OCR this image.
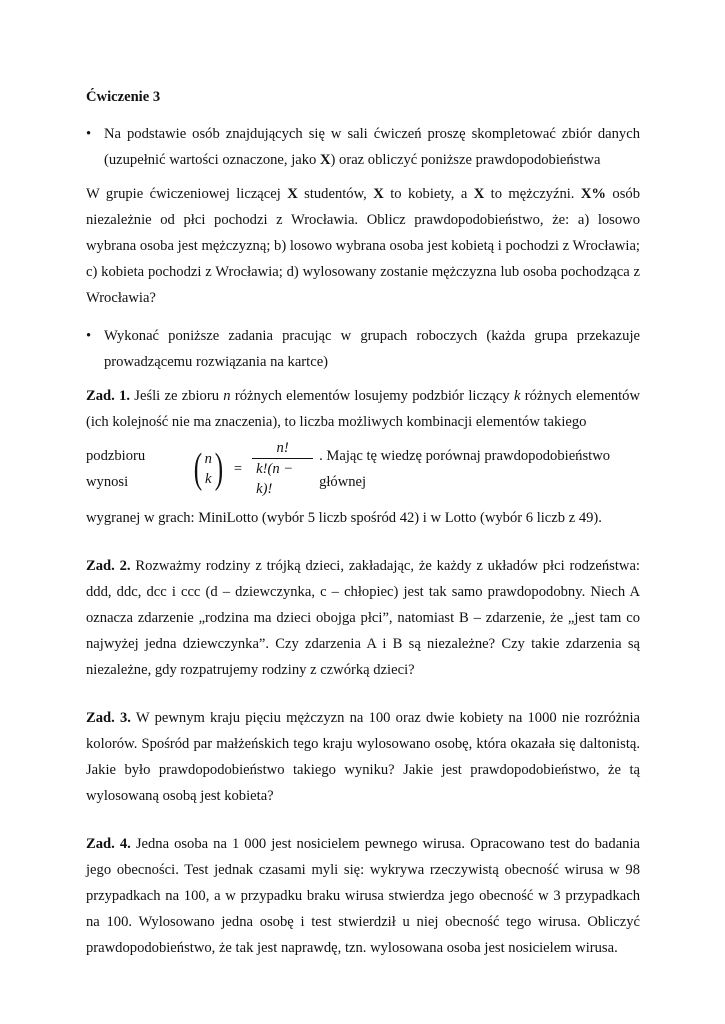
Ćwiczenie 3

• Na podstawie osób znajdujących się w sali ćwiczeń proszę skompletować zbiór danych (uzupełnić wartości oznaczone, jako X) oraz obliczyć poniższe prawdopodobieństwa

W grupie ćwiczeniowej liczącej X studentów, X to kobiety, a X to mężczyźni. X% osób niezależnie od płci pochodzi z Wrocławia. Oblicz prawdopodobieństwo, że: a) losowo wybrana osoba jest mężczyzną; b) losowo wybrana osoba jest kobietą i pochodzi z Wrocławia; c) kobieta pochodzi z Wrocławia; d) wylosowany zostanie mężczyzna lub osoba pochodząca z Wrocławia?

• Wykonać poniższe zadania pracując w grupach roboczych (każda grupa przekazuje prowadzącemu rozwiązania na kartce)

Zad. 1. Jeśli ze zbioru n różnych elementów losujemy podzbiór liczący k różnych elementów (ich kolejność nie ma znaczenia), to liczba możliwych kombinacji elementów takiego

podzbioru wynosi	( n
k ) = $\frac{n!}{k!(n - k)!}$ . Mając tę wiedzę porównaj prawdopodobieństwo głównej

wygranej w grach: MiniLotto (wybór 5 liczb spośród 42) i w Lotto (wybór 6 liczb z 49).

Zad. 2. Rozważmy rodziny z trójką dzieci, zakładając, że każdy z układów płci rodzeństwa: ddd, ddc, dcc i ccc (d – dziewczynka, c – chłopiec) jest tak samo prawdopodobny. Niech A oznacza zdarzenie „rodzina ma dzieci obojga płci”, natomiast B – zdarzenie, że „jest tam co najwyżej jedna dziewczynka”. Czy zdarzenia A i B są niezależne? Czy takie zdarzenia są niezależne, gdy rozpatrujemy rodziny z czwórką dzieci?

Zad. 3. W pewnym kraju pięciu mężczyzn na 100 oraz dwie kobiety na 1000 nie rozróżnia kolorów. Spośród par małżeńskich tego kraju wylosowano osobę, która okazała się daltonistą. Jakie było prawdopodobieństwo takiego wyniku? Jakie jest prawdopodobieństwo, że tą wylosowaną osobą jest kobieta?

Zad. 4. Jedna osoba na 1 000 jest nosicielem pewnego wirusa. Opracowano test do badania jego obecności. Test jednak czasami myli się: wykrywa rzeczywistą obecność wirusa w 98 przypadkach na 100, a w przypadku braku wirusa stwierdza jego obecność w 3 przypadkach na 100. Wylosowano jedna osobę i test stwierdził u niej obecność tego wirusa. Obliczyć prawdopodobieństwo, że tak jest naprawdę, tzn. wylosowana osoba jest nosicielem wirusa.
